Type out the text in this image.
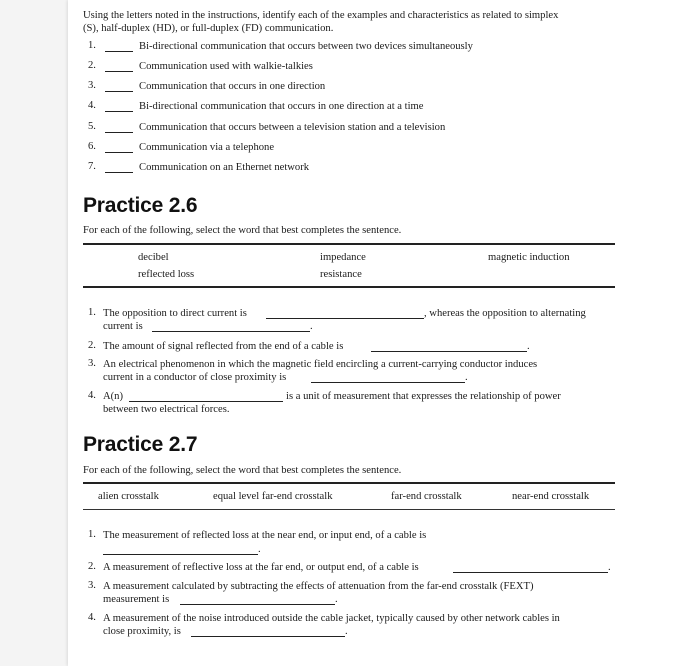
Using the letters noted in the instructions, identify each of the examples and characteristics as related to simplex
(S), half-duplex (HD), or full-duplex (FD) communication.
1.	Bi-directional communication that occurs between two devices simultaneously
2.	Communication used with walkie-talkies
3.	Communication that occurs in one direction
4.	Bi-directional communication that occurs in one direction at a time
5.	Communication that occurs between a television station and a television
6.	Communication via a telephone
7.	Communication on an Ethernet network
Practice 2.6
For each of the following, select the word that best completes the sentence.
decibel	impedance	magnetic induction
reflected loss	resistance
1. The opposition to direct current is	, whereas the opposition to alternating
current is	.
2. The amount of signal reflected from the end of a cable is	.
3. An electrical phenomenon in which the magnetic field encircling a current-carrying conductor induces
current in a conductor of close proximity is	.
4. A(n)	is a unit of measurement that expresses the relationship of power
between two electrical forces.
Practice 2.7
For each of the following, select the word that best completes the sentence.
alien crosstalk	equal level far-end crosstalk	far-end crosstalk	near-end crosstalk
1. The measurement of reflected loss at the near end, or input end, of a cable is
.
2. A measurement of reflective loss at the far end, or output end, of a cable is	.
3. A measurement calculated by subtracting the effects of attenuation from the far-end crosstalk (FEXT)
measurement is	.
4. A measurement of the noise introduced outside the cable jacket, typically caused by other network cables in
close proximity, is	.
